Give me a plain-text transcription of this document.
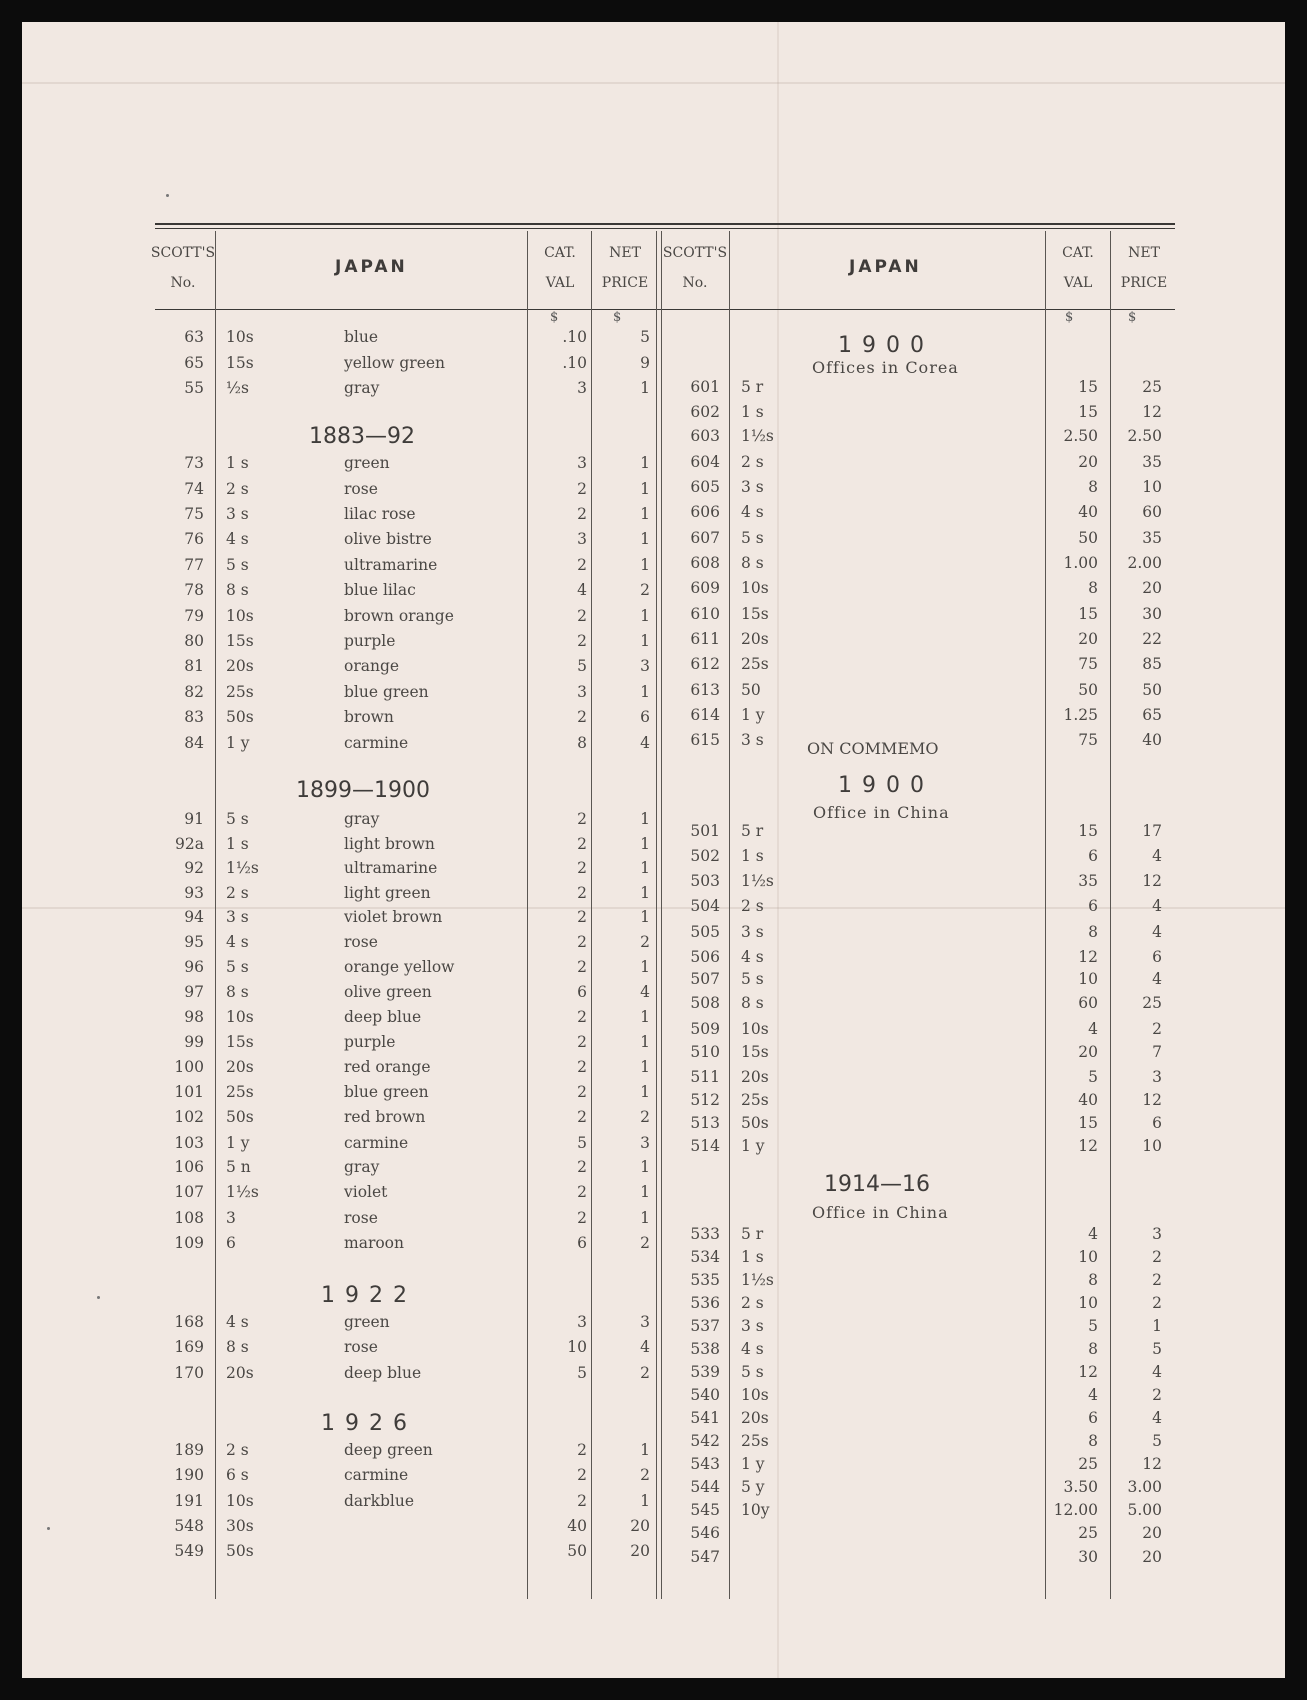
SCOTT'S
No.
JAPAN
CAT.
VAL
NET
PRICE
$	$
SCOTT'S
No.
JAPAN
CAT.
VAL
NET
PRICE
$	$
1883—92
1899—1900
1922
1926
1900
Offices in Corea
ON COMMEMO
1900
Office in China
1914—16
Office in China
63 10s	blue	.10	5
65 15s	yellow green	.10	9
55 ½s	gray	3	1
73 1 s	green	3	1
74 2 s	rose	2	1
75 3 s	lilac rose	2	1
76 4 s	olive bistre	3	1
77 5 s	ultramarine	2	1
78 8 s	blue lilac	4	2
79 10s	brown orange	2	1
80 15s	purple	2	1
81 20s	orange	5	3
82 25s	blue green	3	1
83 50s	brown	2	6
84 1 y	carmine	8	4
91 5 s	gray	2	1
92a 1 s	light brown	2	1
92 1½s	ultramarine	2	1
93 2 s	light green	2	1
94 3 s	violet brown	2	1
95 4 s	rose	2	2
96 5 s	orange yellow	2	1
97 8 s	olive green	6	4
98 10s	deep blue	2	1
99 15s	purple	2	1
100 20s	red orange	2	1
101 25s	blue green	2	1
102 50s	red brown	2	2
103 1 y	carmine	5	3
106 5 n	gray	2	1
107 1½s	violet	2	1
108 3	rose	2	1
109 6	maroon	6	2
168 4 s	green	3	3
169 8 s	rose	10	4
170 20s	deep blue	5	2
189 2 s	deep green	2	1
190 6 s	carmine	2	2
191 10s	darkblue	2	1
548 30s	40	20
549 50s	50	20
601 5 r	15	25
602 1 s	15	12
603 1½s	2.50 2.50
604 2 s	20	35
605 3 s	8	10
606 4 s	40	60
607 5 s	50	35
608 8 s	1.00 2.00
609 10s	8	20
610 15s	15	30
611 20s	20	22
612 25s	75	85
613 50	50	50
614 1 y	1.25	65
615 3 s	75	40
501 5 r	15	17
502 1 s	6	4
503 1½s	35	12
504 2 s	6	4
505 3 s	8	4
506 4 s	12	6
507 5 s	10	4
508 8 s	60	25
509 10s	4	2
510 15s	20	7
511 20s	5	3
512 25s	40	12
513 50s	15	6
514 1 y	12	10
533 5 r	4	3
534 1 s	10	2
535 1½s	8	2
536 2 s	10	2
537 3 s	5	1
538 4 s	8	5
539 5 s	12	4
540 10s	4	2
541 20s	6	4
542 25s	8	5
543 1 y	25	12
544 5 y	3.50 3.00
545 10y	12.00 5.00
546	25	20
547	30	20
